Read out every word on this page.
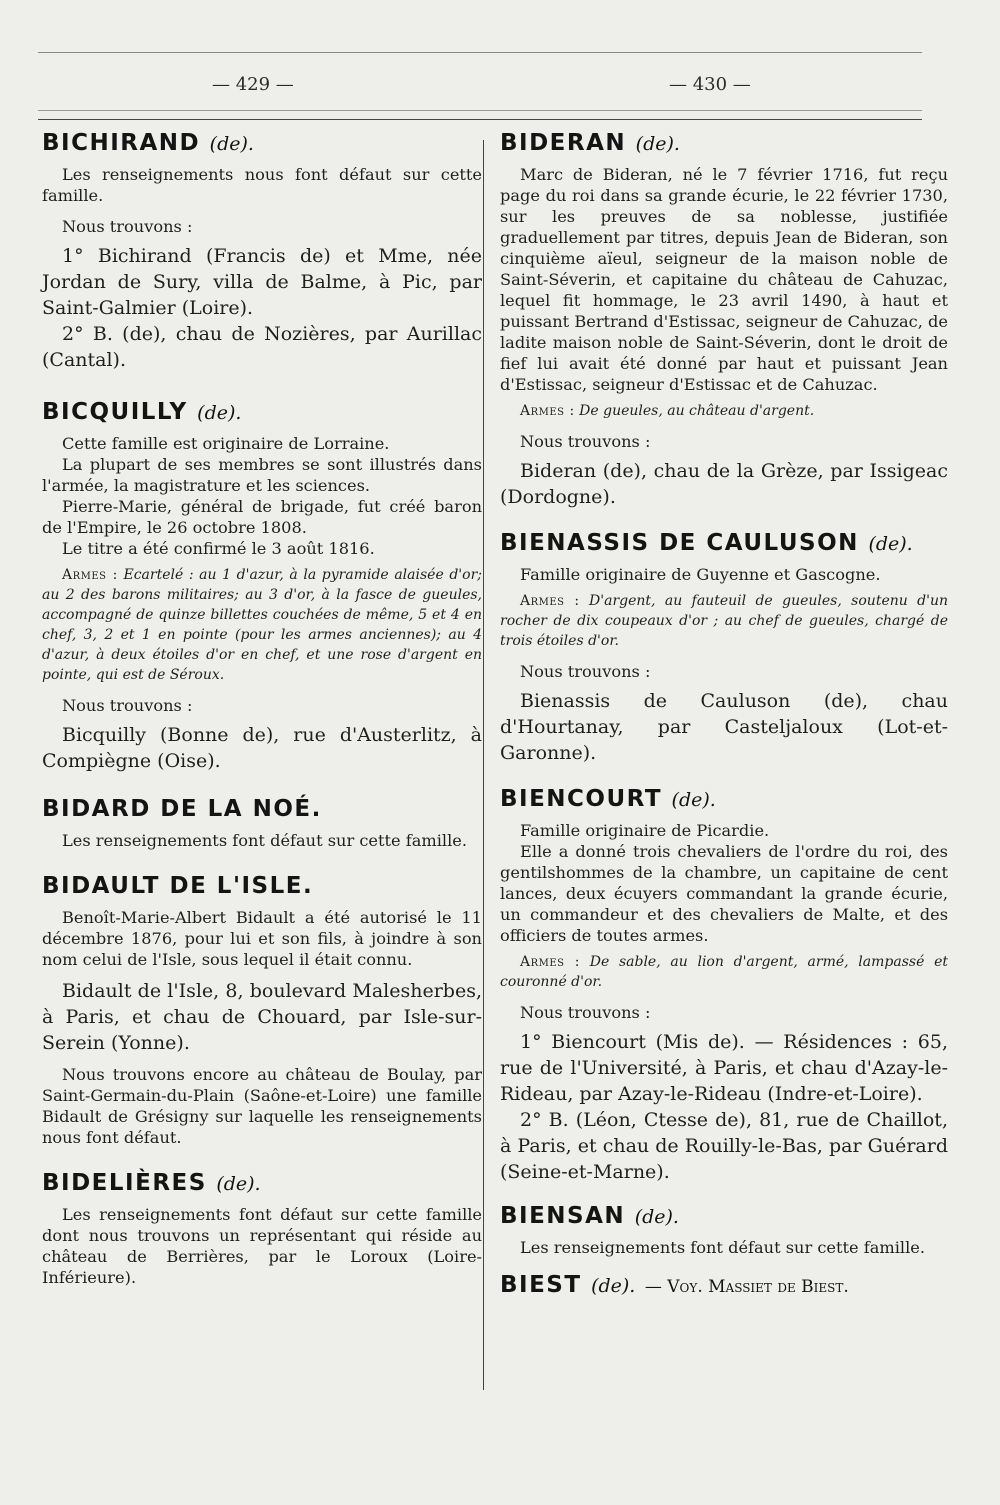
— 429 —	— 430 —
BICHIRAND (de).

Les renseignements nous font défaut sur cette famille.

Nous trouvons :

1° Bichirand (Francis de) et Mme, née Jordan de Sury, villa de Balme, à Pic, par Saint-Galmier (Loire).

2° B. (de), chau de Nozières, par Aurillac (Cantal).

BICQUILLY (de).

Cette famille est originaire de Lorraine.

La plupart de ses membres se sont illustrés dans l'armée, la magistrature et les sciences.

Pierre-Marie, général de brigade, fut créé baron de l'Empire, le 26 octobre 1808.

Le titre a été confirmé le 3 août 1816.

Armes : Ecartelé : au 1 d'azur, à la pyramide alaisée d'or; au 2 des barons militaires; au 3 d'or, à la fasce de gueules, accompagné de quinze billettes couchées de même, 5 et 4 en chef, 3, 2 et 1 en pointe (pour les armes anciennes); au 4 d'azur, à deux étoiles d'or en chef, et une rose d'argent en pointe, qui est de Séroux.

Nous trouvons :

Bicquilly (Bonne de), rue d'Austerlitz, à Compiègne (Oise).

BIDARD DE LA NOÉ.

Les renseignements font défaut sur cette famille.

BIDAULT DE L'ISLE.

Benoît-Marie-Albert Bidault a été autorisé le 11 décembre 1876, pour lui et son fils, à joindre à son nom celui de l'Isle, sous lequel il était connu.

Bidault de l'Isle, 8, boulevard Malesherbes, à Paris, et chau de Chouard, par Isle-sur-Serein (Yonne).

Nous trouvons encore au château de Boulay, par Saint-Germain-du-Plain (Saône-et-Loire) une famille Bidault de Grésigny sur laquelle les renseignements nous font défaut.

BIDELIÈRES (de).

Les renseignements font défaut sur cette famille dont nous trouvons un représentant qui réside au château de Berrières, par le Loroux (Loire-Inférieure).

BIDERAN (de).

Marc de Bideran, né le 7 février 1716, fut reçu page du roi dans sa grande écurie, le 22 février 1730, sur les preuves de sa noblesse, justifiée graduellement par titres, depuis Jean de Bideran, son cinquième aïeul, seigneur de la maison noble de Saint-Séverin, et capitaine du château de Cahuzac, lequel fit hommage, le 23 avril 1490, à haut et puissant Bertrand d'Estissac, seigneur de Cahuzac, de ladite maison noble de Saint-Séverin, dont le droit de fief lui avait été donné par haut et puissant Jean d'Estissac, seigneur d'Estissac et de Cahuzac.

Armes : De gueules, au château d'argent.

Nous trouvons :

Bideran (de), chau de la Grèze, par Issigeac (Dordogne).

BIENASSIS DE CAULUSON (de).

Famille originaire de Guyenne et Gascogne.

Armes : D'argent, au fauteuil de gueules, soutenu d'un rocher de dix coupeaux d'or ; au chef de gueules, chargé de trois étoiles d'or.

Nous trouvons :

Bienassis de Cauluson (de), chau d'Hourtanay, par Casteljaloux (Lot-et-Garonne).

BIENCOURT (de).

Famille originaire de Picardie.

Elle a donné trois chevaliers de l'ordre du roi, des gentilshommes de la chambre, un capitaine de cent lances, deux écuyers commandant la grande écurie, un commandeur et des chevaliers de Malte, et des officiers de toutes armes.

Armes : De sable, au lion d'argent, armé, lampassé et couronné d'or.

Nous trouvons :

1° Biencourt (Mis de). — Résidences : 65, rue de l'Université, à Paris, et chau d'Azay-le-Rideau, par Azay-le-Rideau (Indre-et-Loire).

2° B. (Léon, Ctesse de), 81, rue de Chaillot, à Paris, et chau de Rouilly-le-Bas, par Guérard (Seine-et-Marne).

BIENSAN (de).

Les renseignements font défaut sur cette famille.

BIEST (de). — Voy. Massiet de Biest.
